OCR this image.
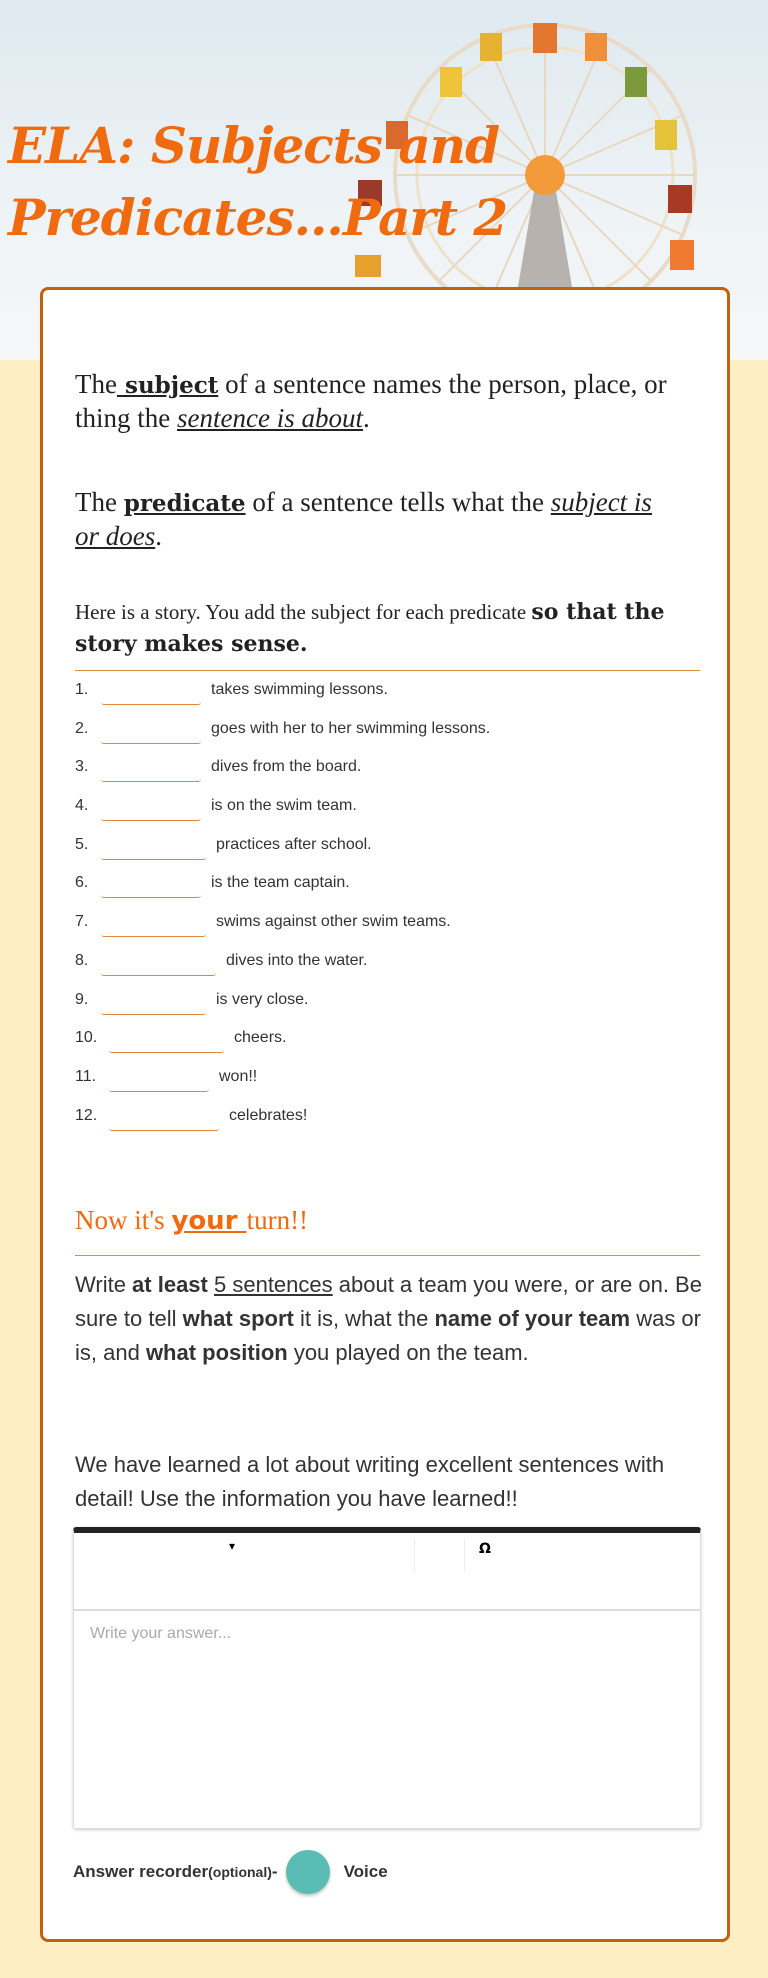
ELA: Subjects and
Predicates...Part 2

The subject of a sentence names the person, place, or thing the sentence is about.

The predicate of a sentence tells what the subject is or does.

Here is a story. You add the subject for each predicate so that the story makes sense.

1.	takes swimming lessons.
2.	goes with her to her swimming lessons.
3.	dives from the board.
4.	is on the swim team.
5.	practices after school.
6.	is the team captain.
7.	swims against other swim teams.
8.	dives into the water.
9.	is very close.
10.	cheers.
11.	won!!
12.	celebrates!
Now it's your turn!!

Write at least 5 sentences about a team you were, or are on. Be sure to tell what sport it is, what the name of your team was or is, and what position you played on the team.

We have learned a lot about writing excellent sentences with detail! Use the information you have learned!!

▾	Ω
Write your answer...
Answer recorder (optional) -	Voice
